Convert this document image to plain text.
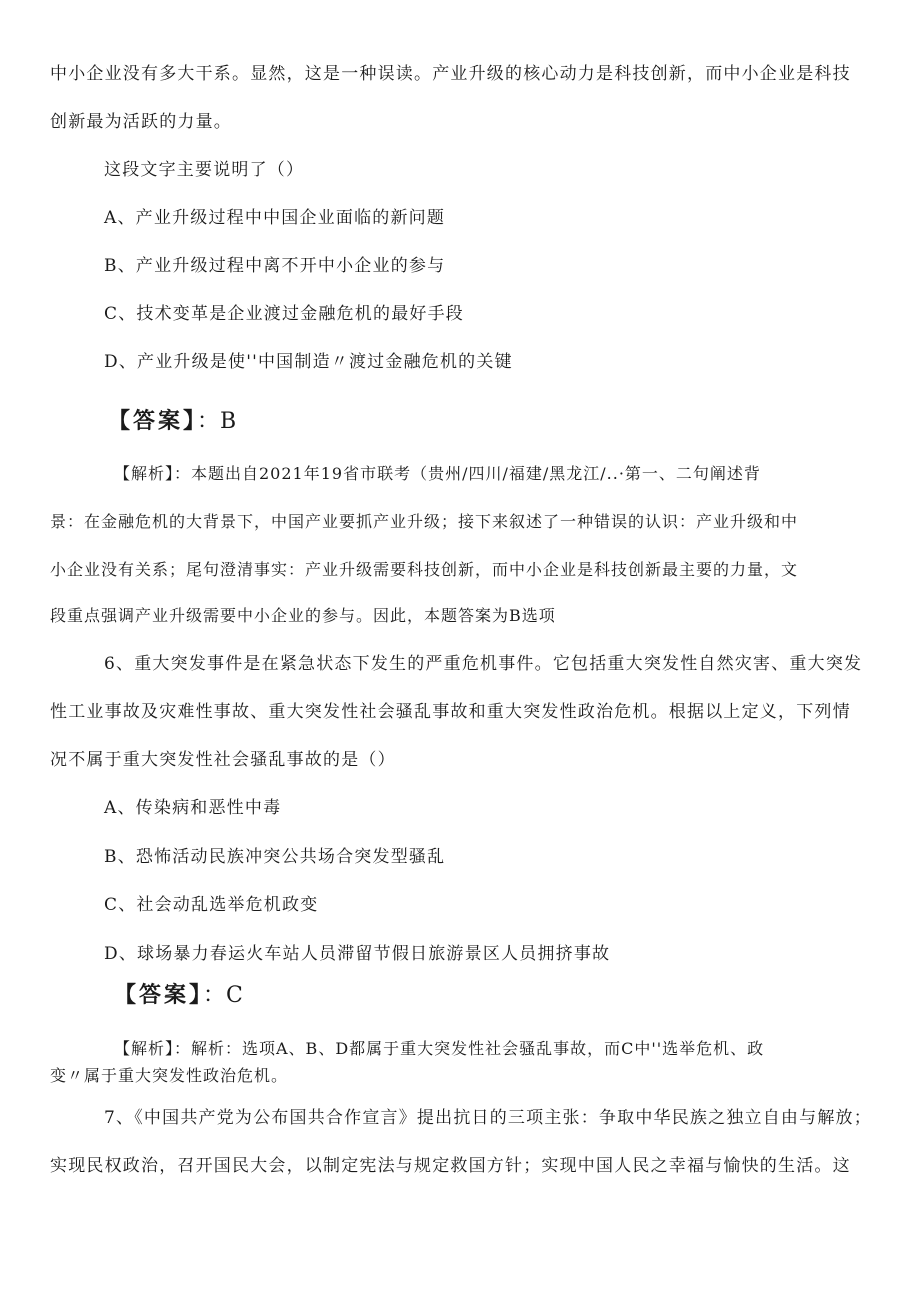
中小企业没有多大干系。显然，这是一种误读。产业升级的核心动力是科技创新，而中小企业是科技
创新最为活跃的力量。
这段文字主要说明了（）
A、产业升级过程中中国企业面临的新问题
B、产业升级过程中离不开中小企业的参与
C、技术变革是企业渡过金融危机的最好手段
D、产业升级是使''中国制造〃渡过金融危机的关键
【答案】：B
【解析】：本题出自2021年19省市联考（贵州/四川/福建/黑龙江/..·第一、二句阐述背
景：在金融危机的大背景下，中国产业要抓产业升级；接下来叙述了一种错误的认识：产业升级和中
小企业没有关系；尾句澄清事实：产业升级需要科技创新，而中小企业是科技创新最主要的力量，文
段重点强调产业升级需要中小企业的参与。因此，本题答案为B选项
6、重大突发事件是在紧急状态下发生的严重危机事件。它包括重大突发性自然灾害、重大突发
性工业事故及灾难性事故、重大突发性社会骚乱事故和重大突发性政治危机。根据以上定义，下列情
况不属于重大突发性社会骚乱事故的是（）
A、传染病和恶性中毒
B、恐怖活动民族冲突公共场合突发型骚乱
C、社会动乱选举危机政变
D、球场暴力春运火车站人员滞留节假日旅游景区人员拥挤事故
【答案】：C
【解析】：解析：选项A、B、D都属于重大突发性社会骚乱事故，而C中''选举危机、政
变〃属于重大突发性政治危机。
7、《中国共产党为公布国共合作宣言》提出抗日的三项主张：争取中华民族之独立自由与解放；
实现民权政治，召开国民大会，以制定宪法与规定救国方针；实现中国人民之幸福与愉快的生活。这
